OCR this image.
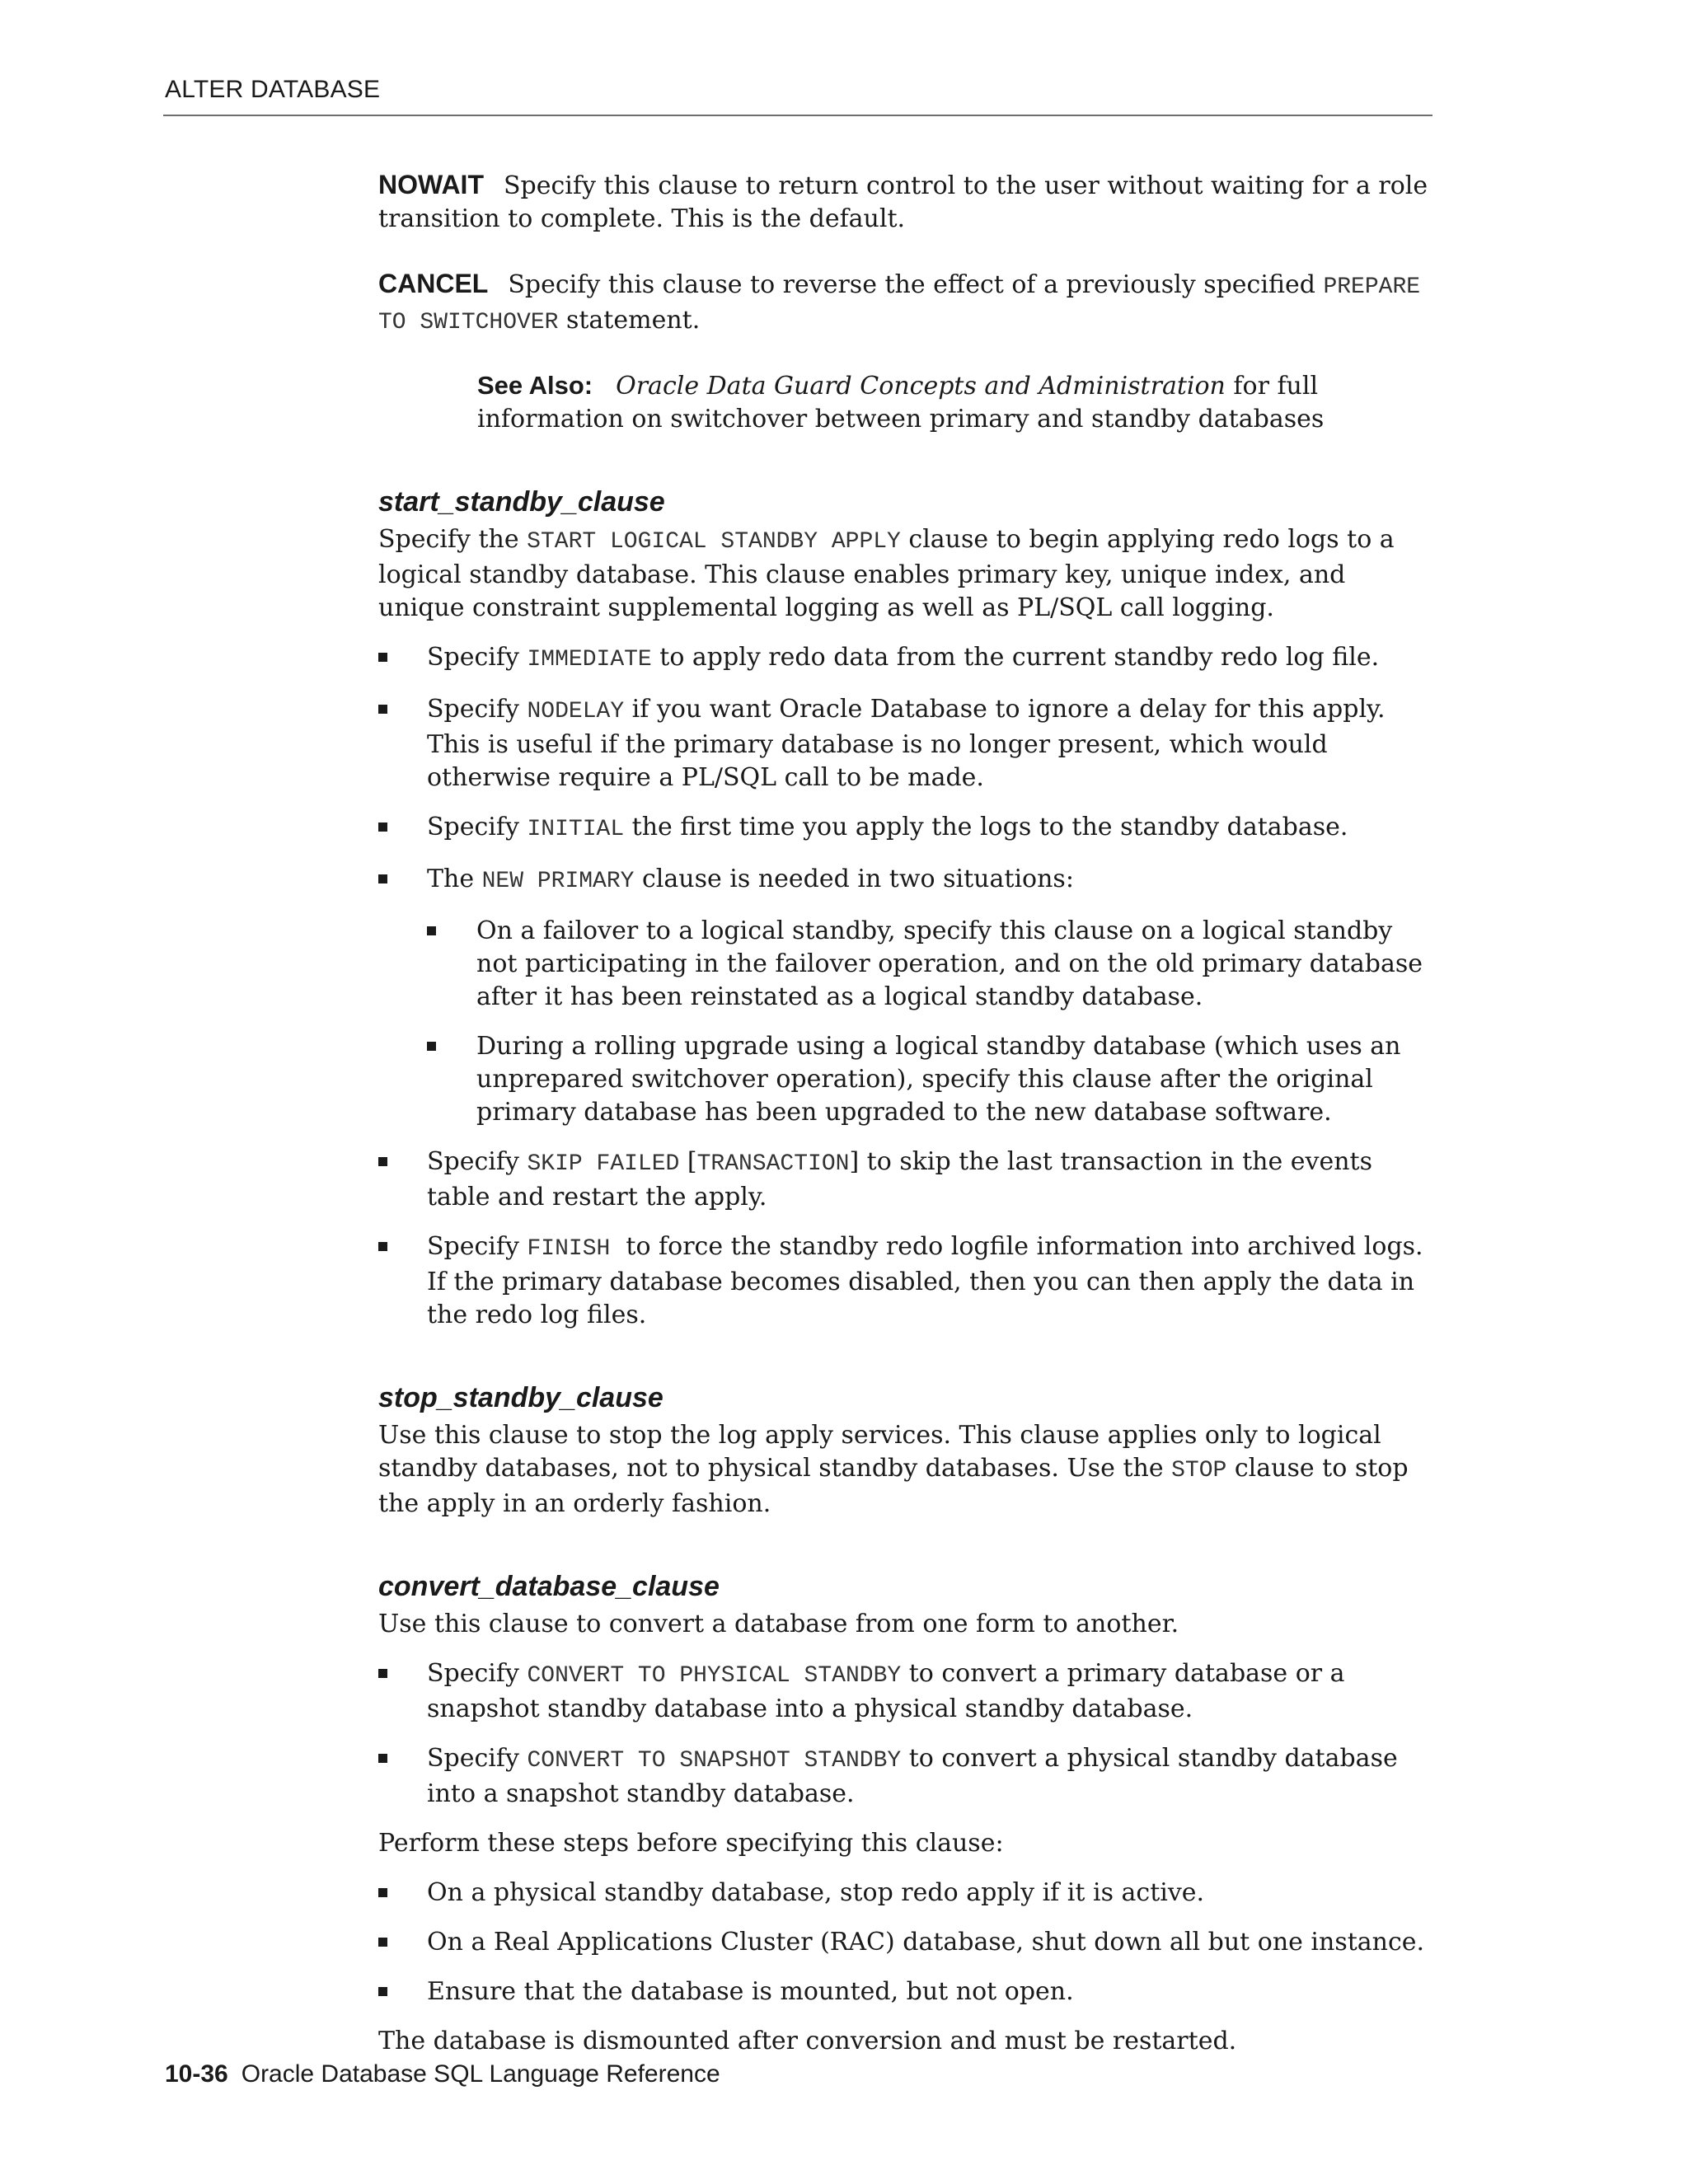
ALTER DATABASE

NOWAIT Specify this clause to return control to the user without waiting for a role transition to complete. This is the default.

CANCEL Specify this clause to reverse the effect of a previously specified PREPARE TO SWITCHOVER statement.

See Also: Oracle Data Guard Concepts and Administration for full information on switchover between primary and standby databases

start_standby_clause

Specify the START LOGICAL STANDBY APPLY clause to begin applying redo logs to a logical standby database. This clause enables primary key, unique index, and unique constraint supplemental logging as well as PL/SQL call logging.

Specify IMMEDIATE to apply redo data from the current standby redo log file.
Specify NODELAY if you want Oracle Database to ignore a delay for this apply. This is useful if the primary database is no longer present, which would otherwise require a PL/SQL call to be made.
Specify INITIAL the first time you apply the logs to the standby database.
The NEW PRIMARY clause is needed in two situations:
On a failover to a logical standby, specify this clause on a logical standby not participating in the failover operation, and on the old primary database after it has been reinstated as a logical standby database.
During a rolling upgrade using a logical standby database (which uses an unprepared switchover operation), specify this clause after the original primary database has been upgraded to the new database software.
Specify SKIP FAILED [TRANSACTION] to skip the last transaction in the events table and restart the apply.
Specify FINISH  to force the standby redo logfile information into archived logs. If the primary database becomes disabled, then you can then apply the data in the redo log files.
stop_standby_clause

Use this clause to stop the log apply services. This clause applies only to logical standby databases, not to physical standby databases. Use the STOP clause to stop the apply in an orderly fashion.

convert_database_clause

Use this clause to convert a database from one form to another.

Specify CONVERT TO PHYSICAL STANDBY to convert a primary database or a snapshot standby database into a physical standby database.
Specify CONVERT TO SNAPSHOT STANDBY to convert a physical standby database into a snapshot standby database.

Perform these steps before specifying this clause:

On a physical standby database, stop redo apply if it is active.
On a Real Applications Cluster (RAC) database, shut down all but one instance.
Ensure that the database is mounted, but not open.

The database is dismounted after conversion and must be restarted.

10-36 Oracle Database SQL Language Reference
